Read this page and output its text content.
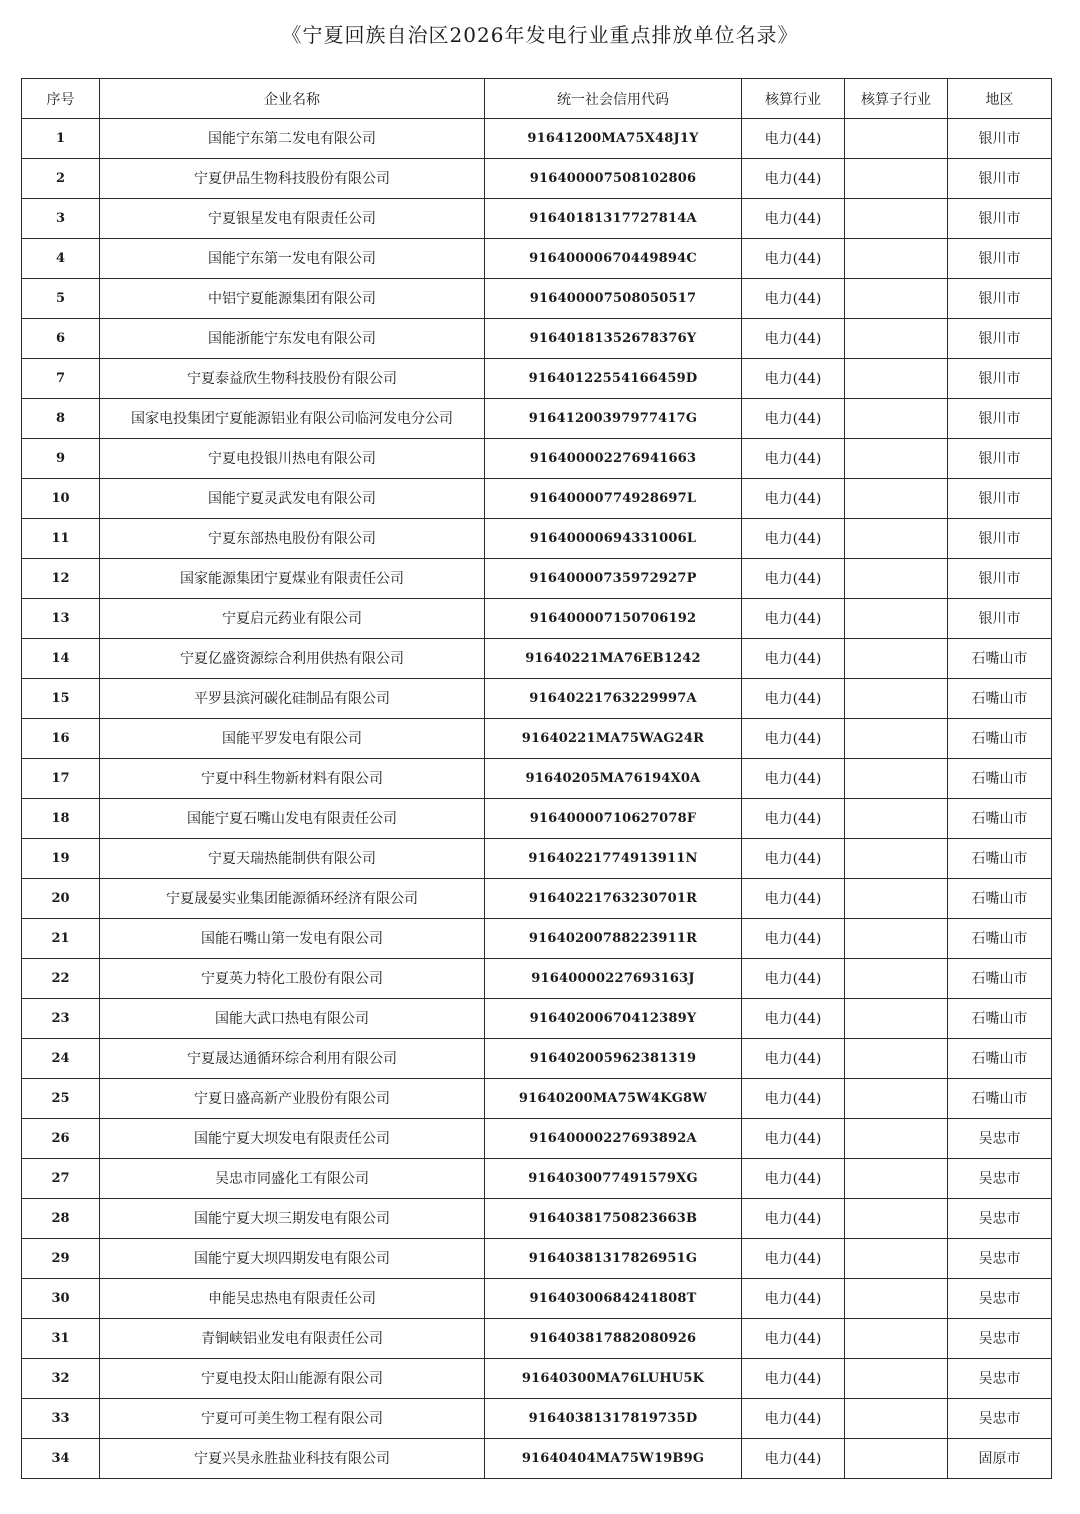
《宁夏回族自治区2026年发电行业重点排放单位名录》
序号	企业名称	统一社会信用代码	核算行业	核算子行业	地区
1	国能宁东第二发电有限公司	91641200MA75X48J1Y	电力(44)		银川市
2	宁夏伊品生物科技股份有限公司	916400007508102806	电力(44)		银川市
3	宁夏银星发电有限责任公司	91640181317727814A	电力(44)		银川市
4	国能宁东第一发电有限公司	91640000670449894C	电力(44)		银川市
5	中铝宁夏能源集团有限公司	916400007508050517	电力(44)		银川市
6	国能浙能宁东发电有限公司	91640181352678376Y	电力(44)		银川市
7	宁夏泰益欣生物科技股份有限公司	91640122554166459D	电力(44)		银川市
8	国家电投集团宁夏能源铝业有限公司临河发电分公司	91641200397977417G	电力(44)		银川市
9	宁夏电投银川热电有限公司	916400002276941663	电力(44)		银川市
10	国能宁夏灵武发电有限公司	91640000774928697L	电力(44)		银川市
11	宁夏东部热电股份有限公司	91640000694331006L	电力(44)		银川市
12	国家能源集团宁夏煤业有限责任公司	91640000735972927P	电力(44)		银川市
13	宁夏启元药业有限公司	916400007150706192	电力(44)		银川市
14	宁夏亿盛资源综合利用供热有限公司	91640221MA76EB1242	电力(44)		石嘴山市
15	平罗县滨河碳化硅制品有限公司	91640221763229997A	电力(44)		石嘴山市
16	国能平罗发电有限公司	91640221MA75WAG24R	电力(44)		石嘴山市
17	宁夏中科生物新材料有限公司	91640205MA76194X0A	电力(44)		石嘴山市
18	国能宁夏石嘴山发电有限责任公司	91640000710627078F	电力(44)		石嘴山市
19	宁夏天瑞热能制供有限公司	91640221774913911N	电力(44)		石嘴山市
20	宁夏晟晏实业集团能源循环经济有限公司	91640221763230701R	电力(44)		石嘴山市
21	国能石嘴山第一发电有限公司	91640200788223911R	电力(44)		石嘴山市
22	宁夏英力特化工股份有限公司	91640000227693163J	电力(44)		石嘴山市
23	国能大武口热电有限公司	91640200670412389Y	电力(44)		石嘴山市
24	宁夏晟达通循环综合利用有限公司	916402005962381319	电力(44)		石嘴山市
25	宁夏日盛高新产业股份有限公司	91640200MA75W4KG8W	电力(44)		石嘴山市
26	国能宁夏大坝发电有限责任公司	91640000227693892A	电力(44)		吴忠市
27	吴忠市同盛化工有限公司	9164030077491579XG	电力(44)		吴忠市
28	国能宁夏大坝三期发电有限公司	91640381750823663B	电力(44)		吴忠市
29	国能宁夏大坝四期发电有限公司	91640381317826951G	电力(44)		吴忠市
30	申能吴忠热电有限责任公司	91640300684241808T	电力(44)		吴忠市
31	青铜峡铝业发电有限责任公司	916403817882080926	电力(44)		吴忠市
32	宁夏电投太阳山能源有限公司	91640300MA76LUHU5K	电力(44)		吴忠市
33	宁夏可可美生物工程有限公司	91640381317819735D	电力(44)		吴忠市
34	宁夏兴昊永胜盐业科技有限公司	91640404MA75W19B9G	电力(44)		固原市
